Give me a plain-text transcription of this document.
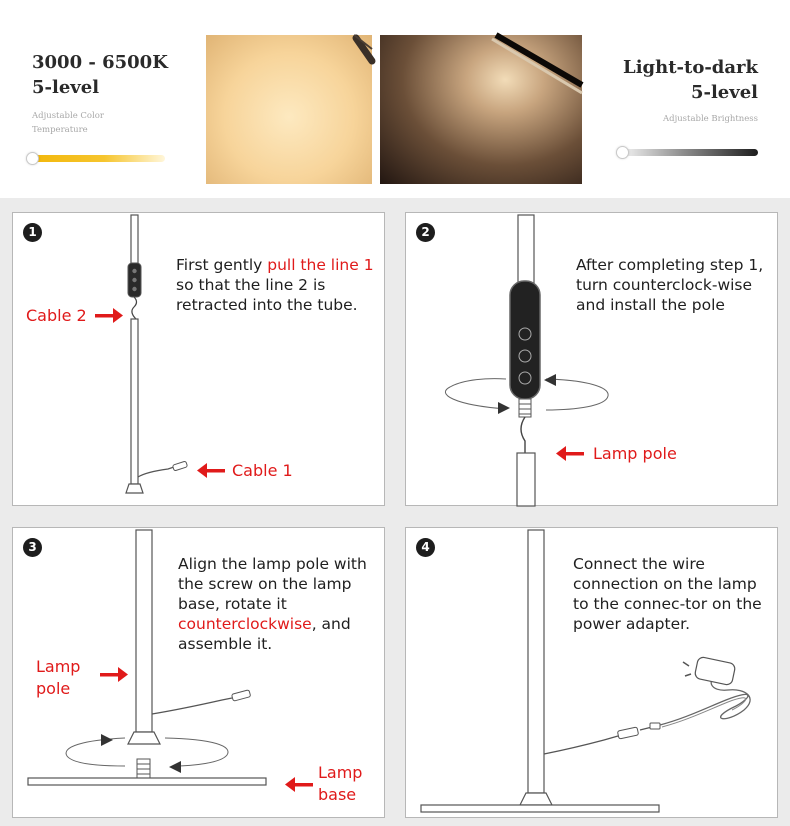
3000 - 6500K
5-level
Adjustable Color
Temperature
Light-to-dark
5-level
Adjustable Brightness
1
First gently pull the line 1 so that the line 2 is retracted into the tube.
Cable 2
Cable 1
2
After completing step 1, turn counterclock-wise and install the pole
Lamp pole
3
Align the lamp pole with the screw on the lamp base, rotate it counterclockwise, and assemble it.
Lamp pole
Lamp base
4
Connect the wire connection on the lamp to the connec-tor on the power adapter.
